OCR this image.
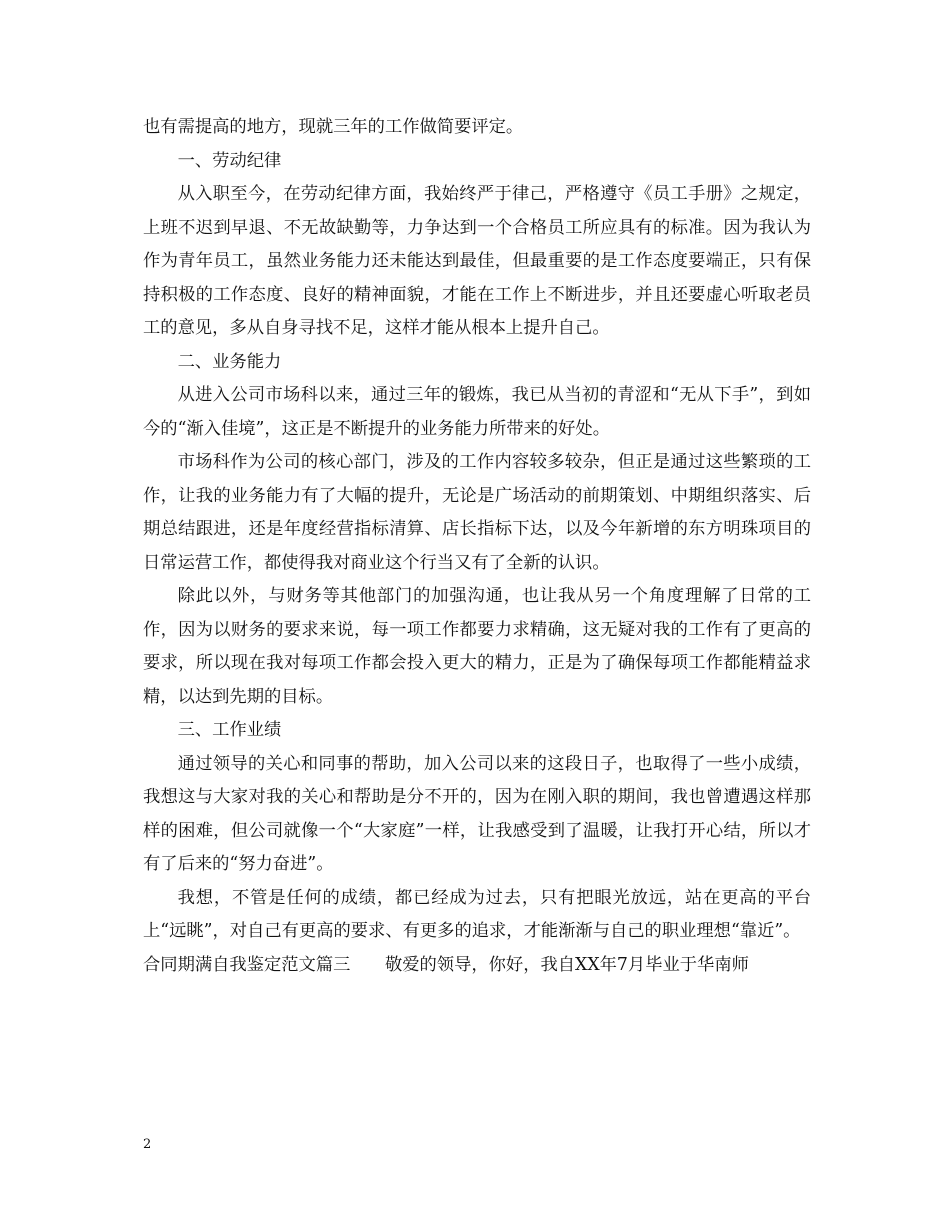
也有需提高的地方，现就三年的工作做简要评定。

一、劳动纪律

从入职至今，在劳动纪律方面，我始终严于律己，严格遵守《员工手册》之规定，上班不迟到早退、不无故缺勤等，力争达到一个合格员工所应具有的标准。因为我认为作为青年员工，虽然业务能力还未能达到最佳，但最重要的是工作态度要端正，只有保持积极的工作态度、良好的精神面貌，才能在工作上不断进步，并且还要虚心听取老员工的意见，多从自身寻找不足，这样才能从根本上提升自己。

二、业务能力

从进入公司市场科以来，通过三年的锻炼，我已从当初的青涩和“无从下手”，到如今的“渐入佳境”，这正是不断提升的业务能力所带来的好处。

市场科作为公司的核心部门，涉及的工作内容较多较杂，但正是通过这些繁琐的工作，让我的业务能力有了大幅的提升，无论是广场活动的前期策划、中期组织落实、后期总结跟进，还是年度经营指标清算、店长指标下达，以及今年新增的东方明珠项目的日常运营工作，都使得我对商业这个行当又有了全新的认识。

除此以外，与财务等其他部门的加强沟通，也让我从另一个角度理解了日常的工作，因为以财务的要求来说，每一项工作都要力求精确，这无疑对我的工作有了更高的要求，所以现在我对每项工作都会投入更大的精力，正是为了确保每项工作都能精益求精，以达到先期的目标。

三、工作业绩

通过领导的关心和同事的帮助，加入公司以来的这段日子，也取得了一些小成绩，我想这与大家对我的关心和帮助是分不开的，因为在刚入职的期间，我也曾遭遇这样那样的困难，但公司就像一个“大家庭”一样，让我感受到了温暖，让我打开心结，所以才有了后来的“努力奋进”。

我想，不管是任何的成绩，都已经成为过去，只有把眼光放远，站在更高的平台上“远眺”，对自己有更高的要求、有更多的追求，才能渐渐与自己的职业理想“靠近”。

合同期满自我鉴定范文篇三　　敬爱的领导，你好，我自XX年7月毕业于华南师

2
